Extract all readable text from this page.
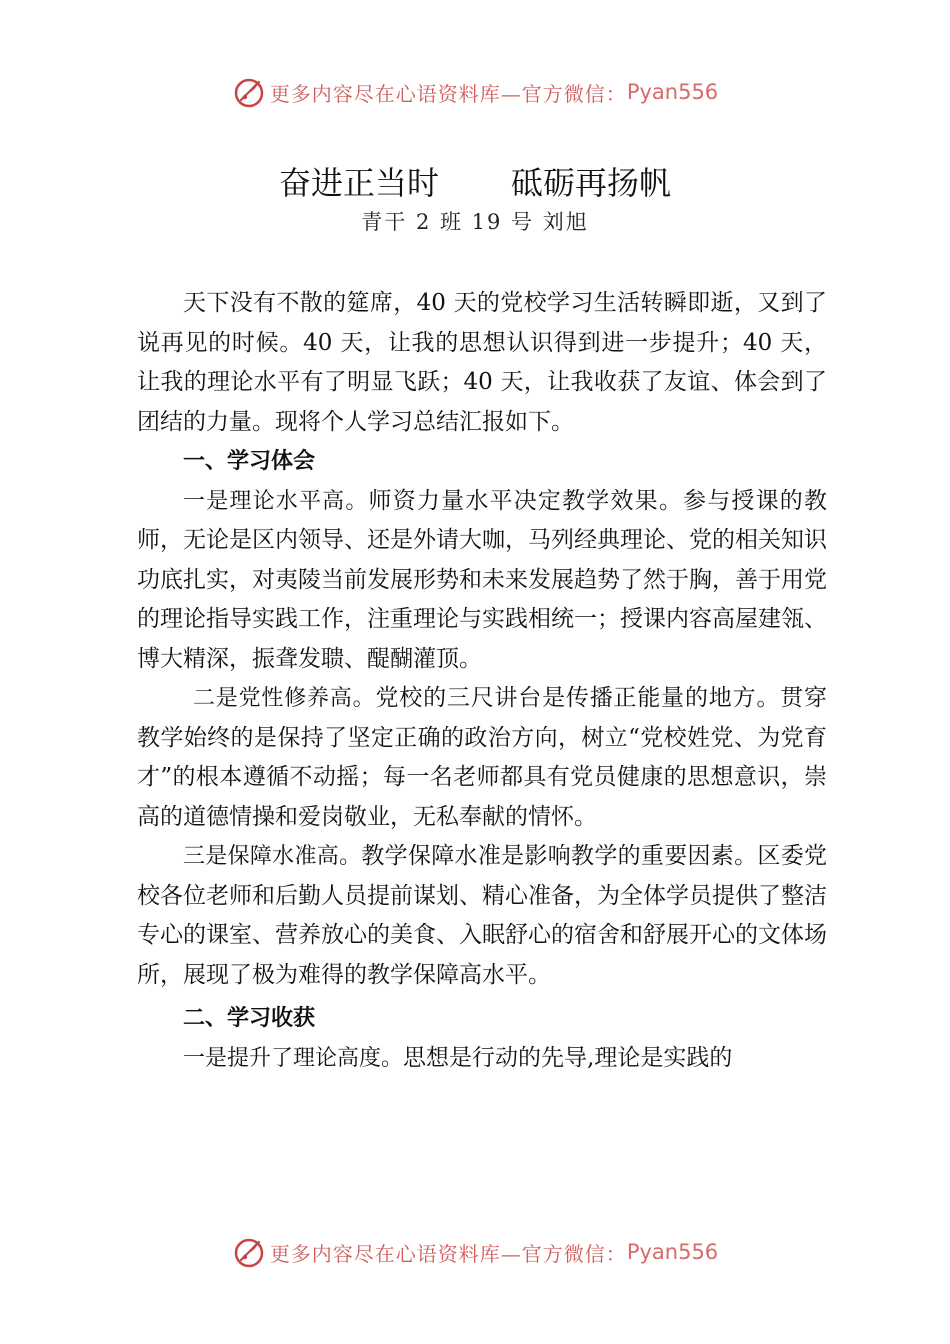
更多内容尽在心语资料库—官方微信： Pyan556
奋进正当时 砥砺再扬帆
青干 2 班 19 号 刘旭

天下没有不散的筵席，40 天的党校学习生活转瞬即逝，又到了说再见的时候。40 天，让我的思想认识得到进一步提升；40 天，让我的理论水平有了明显飞跃；40 天，让我收获了友谊、体会到了团结的力量。现将个人学习总结汇报如下。

一、学习体会

一是理论水平高。师资力量水平决定教学效果。参与授课的教师，无论是区内领导、还是外请大咖，马列经典理论、党的相关知识功底扎实，对夷陵当前发展形势和未来发展趋势了然于胸，善于用党的理论指导实践工作，注重理论与实践相统一；授课内容高屋建瓴、博大精深，振聋发聩、醍醐灌顶。

二是党性修养高。党校的三尺讲台是传播正能量的地方。贯穿教学始终的是保持了坚定正确的政治方向，树立“党校姓党、为党育才”的根本遵循不动摇；每一名老师都具有党员健康的思想意识，崇高的道德情操和爱岗敬业，无私奉献的情怀。

三是保障水准高。教学保障水准是影响教学的重要因素。区委党校各位老师和后勤人员提前谋划、精心准备，为全体学员提供了整洁专心的课室、营养放心的美食、入眠舒心的宿舍和舒展开心的文体场所，展现了极为难得的教学保障高水平。

二、学习收获

一是提升了理论高度。思想是行动的先导,理论是实践的

更多内容尽在心语资料库—官方微信： Pyan556
